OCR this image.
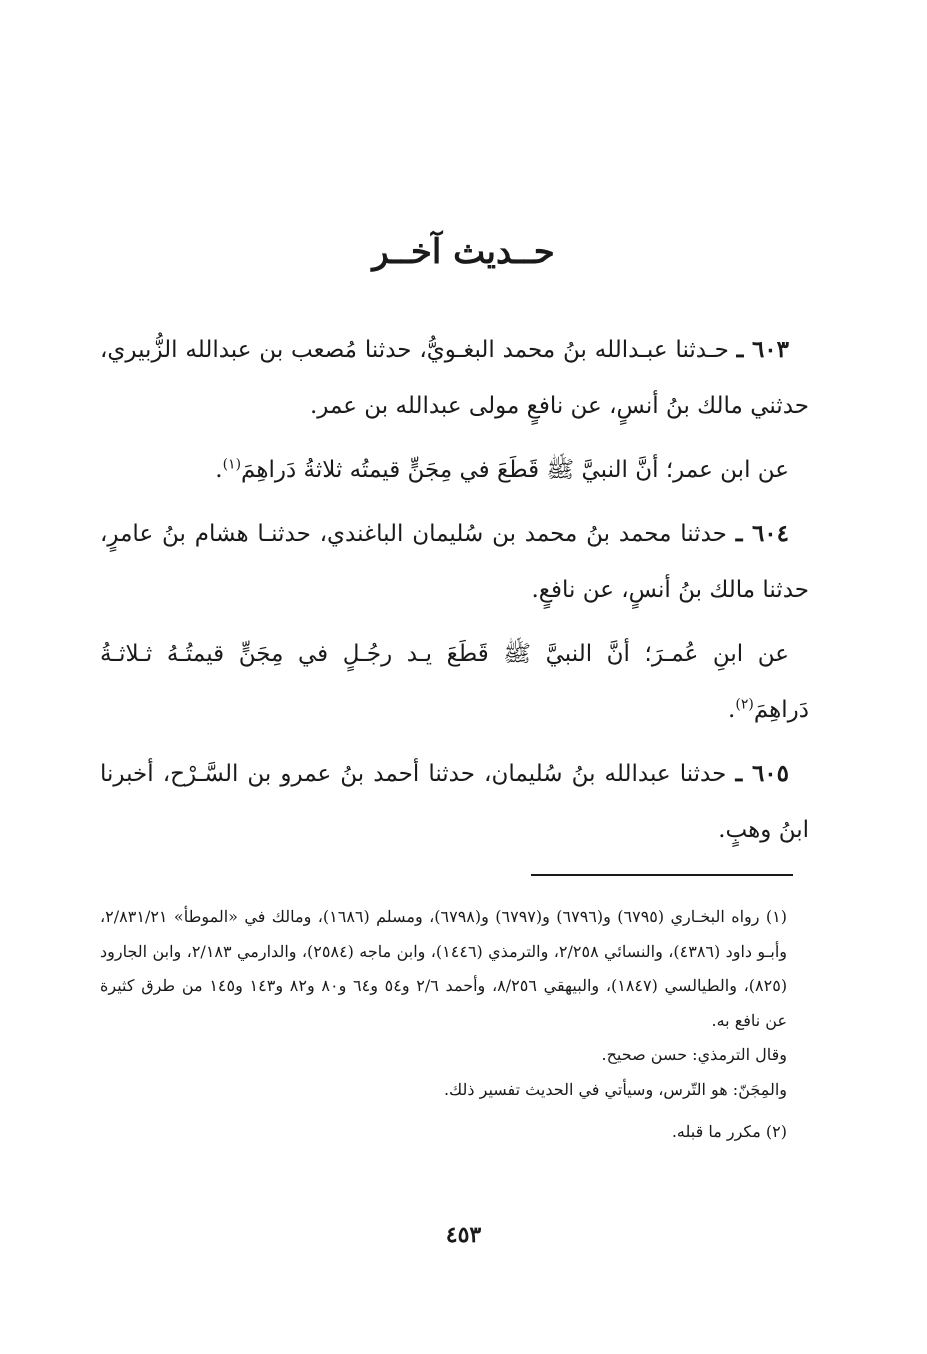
حــديث آخــر

٦٠٣ ـ حـدثنا عبـدالله بنُ محمد البغـويُّ، حدثنا مُصعب بن عبدالله الزُّبيري، حدثني مالك بنُ أنسٍ، عن نافعٍ مولى عبدالله بن عمر.

عن ابن عمر؛ أنَّ النبيَّ ﷺ قَطَعَ في مِجَنٍّ قيمتُه ثلاثةُ دَراهِمَ$^{(١)}$.

٦٠٤ ـ حدثنا محمد بنُ محمد بن سُليمان الباغندي، حدثنـا هشام بنُ عامرٍ، حدثنا مالك بنُ أنسٍ، عن نافعٍ.

عن ابنِ عُمـرَ؛ أنَّ النبيَّ ﷺ قَطَعَ يـد رجُـلٍ في مِجَنٍّ قيمتُـهُ ثـلاثـةُ دَراهِمَ$^{(٢)}$.

٦٠٥ ـ حدثنا عبدالله بنُ سُليمان، حدثنا أحمد بنُ عمرو بن السَّـرْح، أخبرنا ابنُ وهبٍ.

(١) رواه البخـاري (٦٧٩٥) و(٦٧٩٦) و(٦٧٩٧) و(٦٧٩٨)، ومسلم (١٦٨٦)، ومالك في «الموطأ» ٢/٨٣١/٢١، وأبـو داود (٤٣٨٦)، والنسائي ٢/٢٥٨، والترمذي (١٤٤٦)، وابن ماجه (٢٥٨٤)، والدارمي ٢/١٨٣، وابن الجارود (٨٢٥)، والطيالسي (١٨٤٧)، والبيهقي ٨/٢٥٦، وأحمد ٢/٦ و٥٤ و٦٤ و٨٠ و٨٢ و١٤٣ و١٤٥ من طرق كثيرة عن نافع به.

وقال الترمذي: حسن صحيح.

والمِجَنّ: هو التّرس، وسيأتي في الحديث تفسير ذلك.

(٢) مكرر ما قبله.

٤٥٣
